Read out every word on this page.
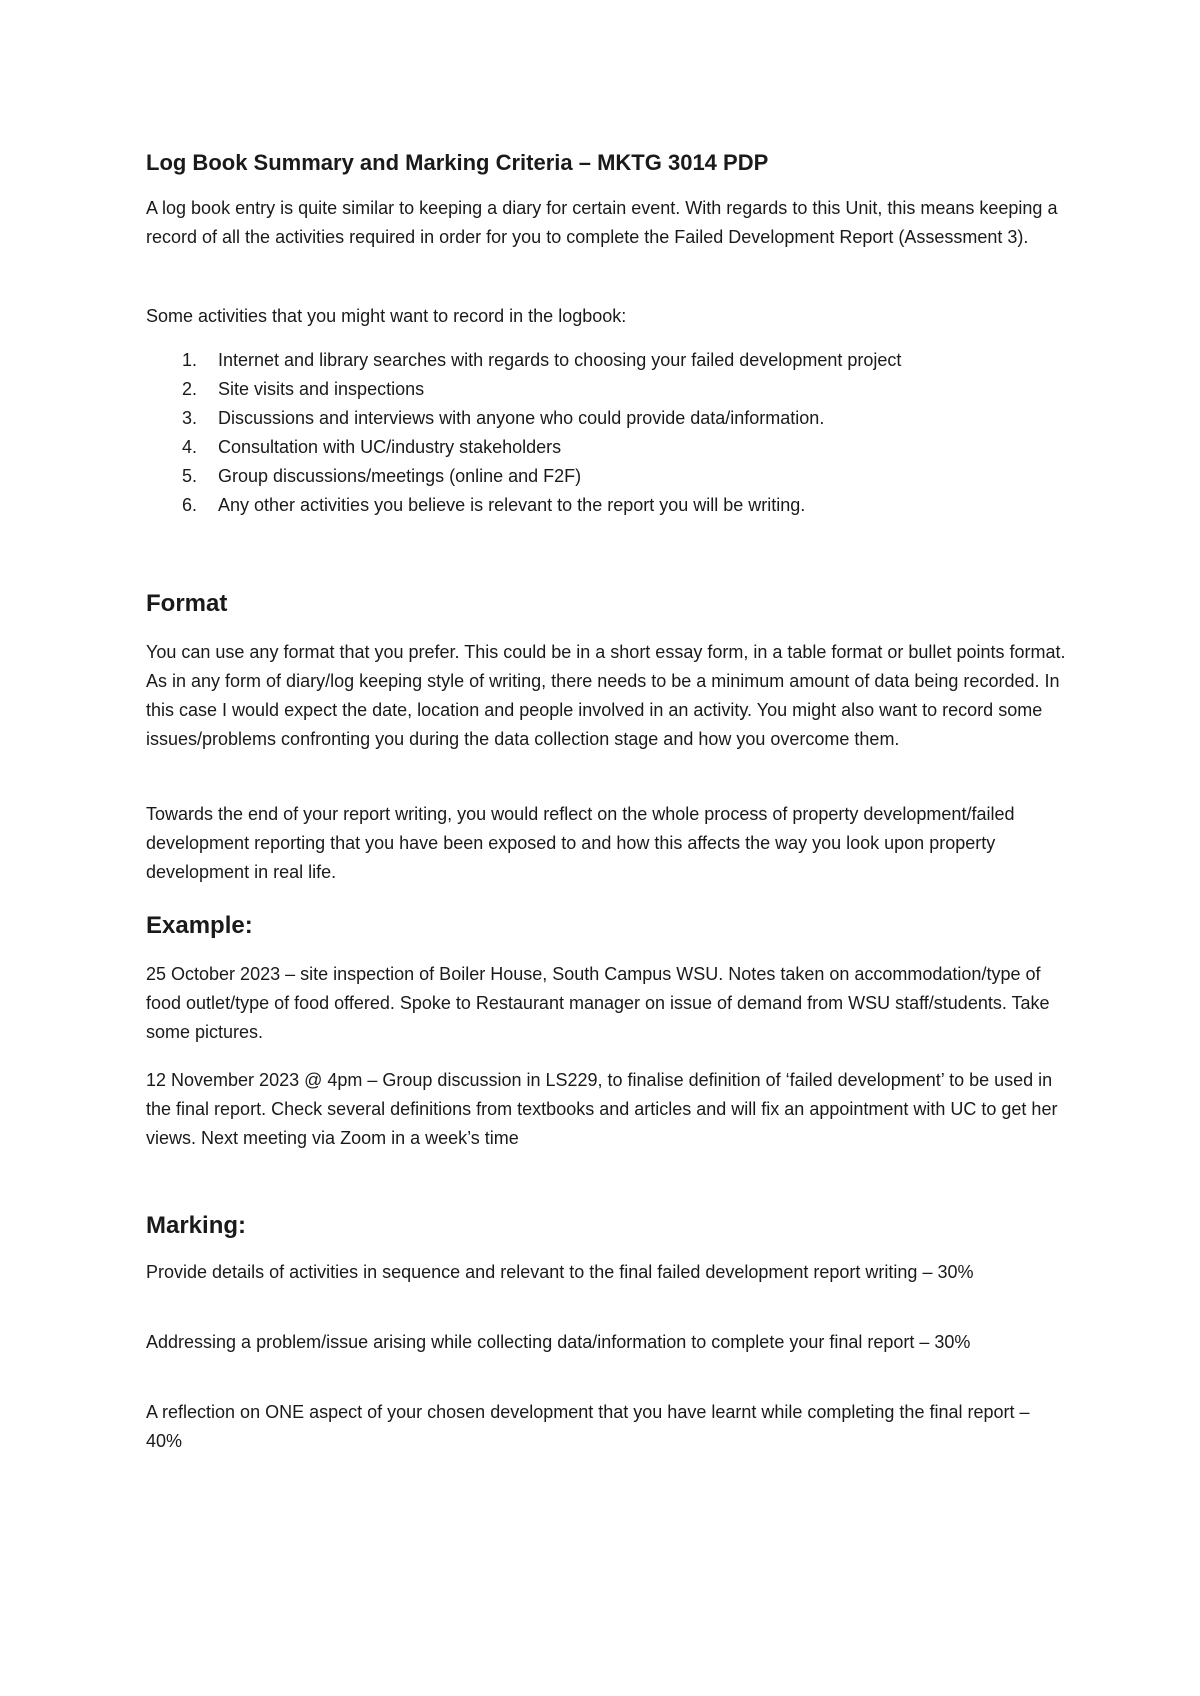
Log Book Summary and Marking Criteria – MKTG 3014 PDP

A log book entry is quite similar to keeping a diary for certain event. With regards to this Unit, this means keeping a record of all the activities required in order for you to complete the Failed Development Report (Assessment 3).

Some activities that you might want to record in the logbook:

1.	Internet and library searches with regards to choosing your failed development project
2.	Site visits and inspections
3.	Discussions and interviews with anyone who could provide data/information.
4.	Consultation with UC/industry stakeholders
5.	Group discussions/meetings (online and F2F)
6.	Any other activities you believe is relevant to the report you will be writing.
Format

You can use any format that you prefer. This could be in a short essay form, in a table format or bullet points format. As in any form of diary/log keeping style of writing, there needs to be a minimum amount of data being recorded. In this case I would expect the date, location and people involved in an activity. You might also want to record some issues/problems confronting you during the data collection stage and how you overcome them.

Towards the end of your report writing, you would reflect on the whole process of property development/failed development reporting that you have been exposed to and how this affects the way you look upon property development in real life.

Example:

25 October 2023 – site inspection of Boiler House, South Campus WSU. Notes taken on accommodation/type of food outlet/type of food offered. Spoke to Restaurant manager on issue of demand from WSU staff/students. Take some pictures.

12 November 2023 @ 4pm – Group discussion in LS229, to finalise definition of ‘failed development’ to be used in the final report. Check several definitions from textbooks and articles and will fix an appointment with UC to get her views. Next meeting via Zoom in a week’s time

Marking:

Provide details of activities in sequence and relevant to the final failed development report writing – 30%

Addressing a problem/issue arising while collecting data/information to complete your final report – 30%

A reflection on ONE aspect of your chosen development that you have learnt while completing the final report – 40%
